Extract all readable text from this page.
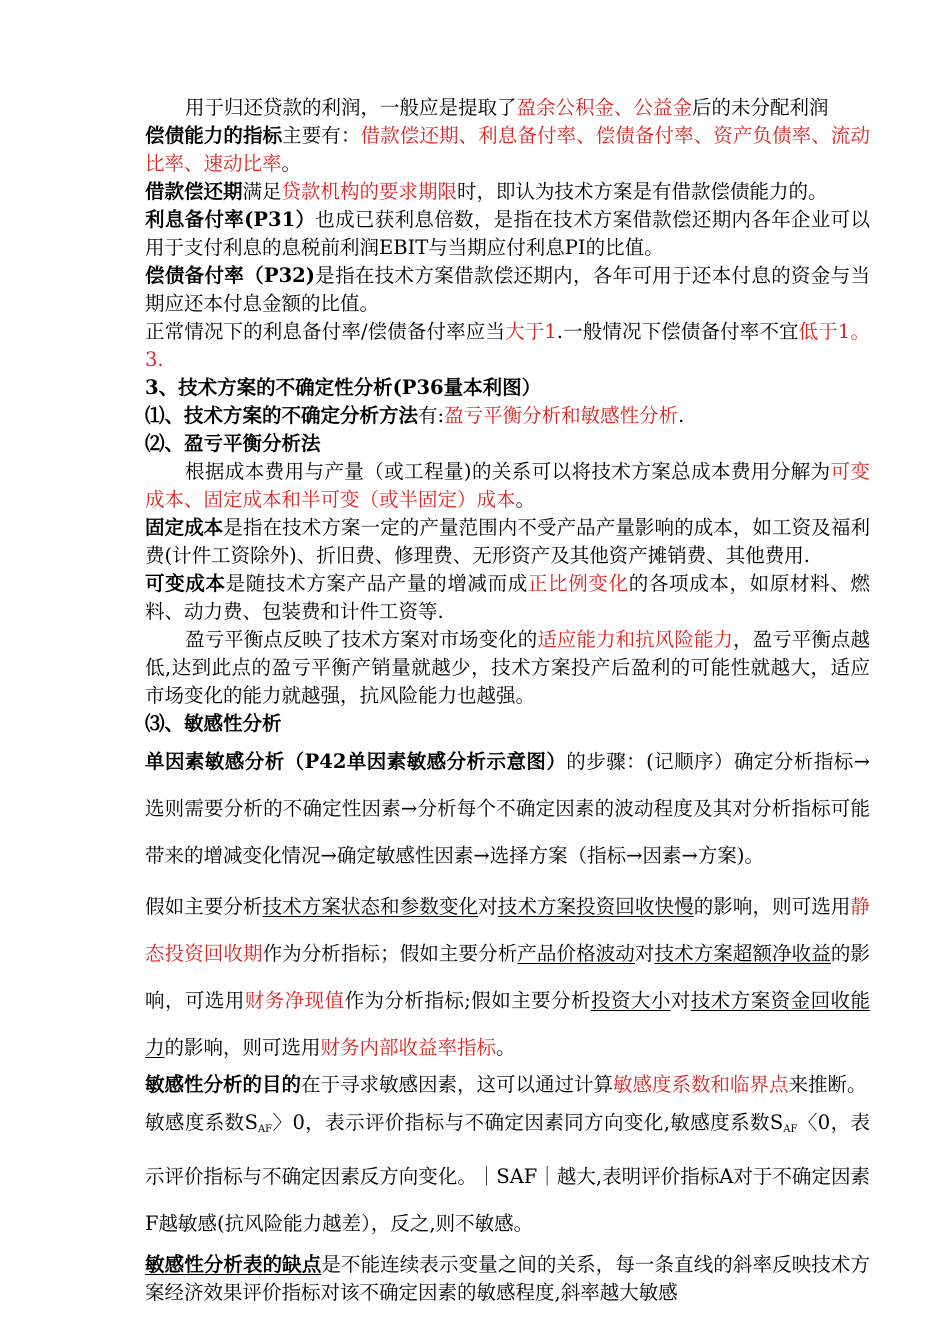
用于归还贷款的利润，一般应是提取了盈余公积金、公益金后的未分配利润

偿债能力的指标主要有：借款偿还期、利息备付率、偿债备付率、资产负债率、流动比率、速动比率。

借款偿还期满足贷款机构的要求期限时，即认为技术方案是有借款偿债能力的。

利息备付率(P31）也成已获利息倍数，是指在技术方案借款偿还期内各年企业可以用于支付利息的息税前利润EBIT与当期应付利息PI的比值。

偿债备付率（P32)是指在技术方案借款偿还期内，各年可用于还本付息的资金与当期应还本付息金额的比值。

正常情况下的利息备付率/偿债备付率应当大于1.一般情况下偿债备付率不宜低于1。3.

3、技术方案的不确定性分析(P36量本利图）

⑴、技术方案的不确定分析方法有:盈亏平衡分析和敏感性分析.

⑵、盈亏平衡分析法

根据成本费用与产量（或工程量)的关系可以将技术方案总成本费用分解为可变成本、固定成本和半可变（或半固定）成本。

固定成本是指在技术方案一定的产量范围内不受产品产量影响的成本，如工资及福利费(计件工资除外)、折旧费、修理费、无形资产及其他资产摊销费、其他费用.

可变成本是随技术方案产品产量的增减而成正比例变化的各项成本，如原材料、燃料、动力费、包装费和计件工资等.

盈亏平衡点反映了技术方案对市场变化的适应能力和抗风险能力，盈亏平衡点越低,达到此点的盈亏平衡产销量就越少，技术方案投产后盈利的可能性就越大，适应市场变化的能力就越强，抗风险能力也越强。

⑶、敏感性分析

单因素敏感分析（P42单因素敏感分析示意图）的步骤：(记顺序）确定分析指标→选则需要分析的不确定性因素→分析每个不确定因素的波动程度及其对分析指标可能带来的增减变化情况→确定敏感性因素→选择方案（指标→因素→方案)。

假如主要分析技术方案状态和参数变化对技术方案投资回收快慢的影响，则可选用静态投资回收期作为分析指标；假如主要分析产品价格波动对技术方案超额净收益的影响，可选用财务净现值作为分析指标;假如主要分析投资大小对技术方案资金回收能力的影响，则可选用财务内部收益率指标。

敏感性分析的目的在于寻求敏感因素，这可以通过计算敏感度系数和临界点来推断。

敏感度系数$S_{AF}$〉0，表示评价指标与不确定因素同方向变化,敏感度系数$S_{AF}$〈0，表示评价指标与不确定因素反方向变化。｜SAF｜越大,表明评价指标A对于不确定因素F越敏感(抗风险能力越差），反之,则不敏感。

敏感性分析表的缺点是不能连续表示变量之间的关系，每一条直线的斜率反映技术方案经济效果评价指标对该不确定因素的敏感程度,斜率越大敏感
